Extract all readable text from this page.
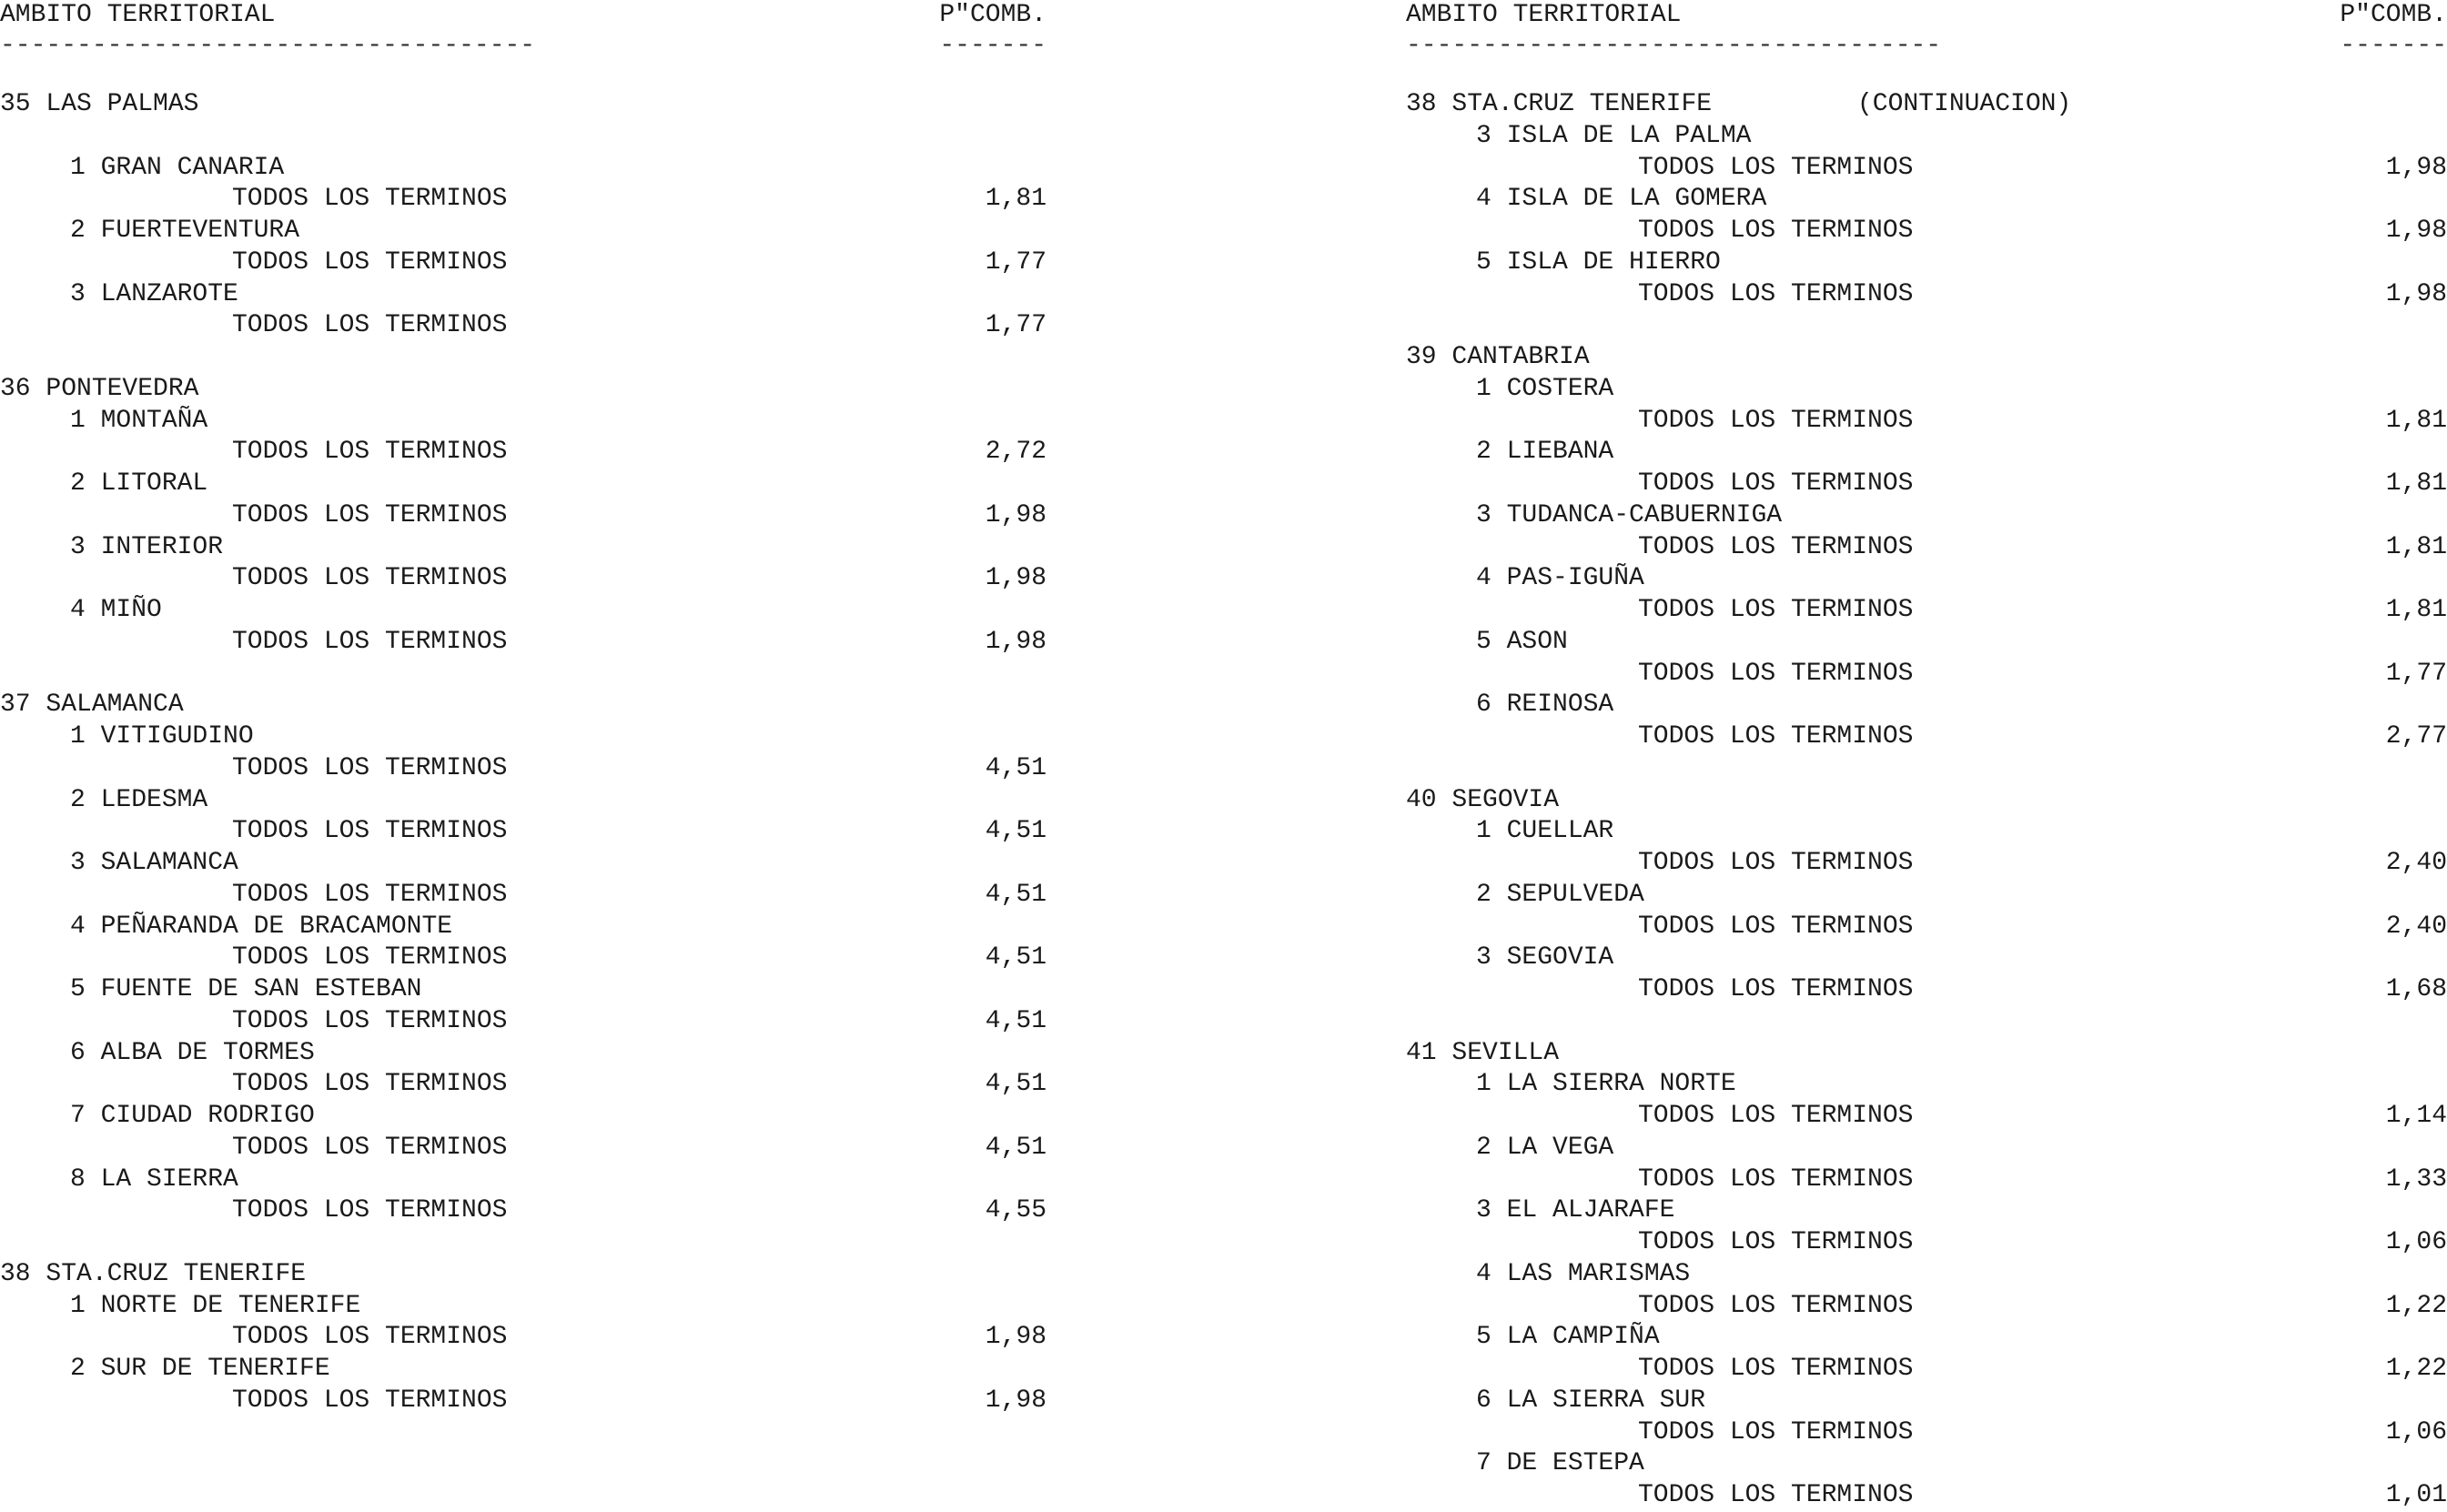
AMBITO TERRITORIAL	P"COMB.
-----------------------------------	-------
35 LAS PALMAS
1 GRAN CANARIA
TODOS LOS TERMINOS	1,81
2 FUERTEVENTURA
TODOS LOS TERMINOS	1,77
3 LANZAROTE
TODOS LOS TERMINOS	1,77
36 PONTEVEDRA
1 MONTAÑA
TODOS LOS TERMINOS	2,72
2 LITORAL
TODOS LOS TERMINOS	1,98
3 INTERIOR
TODOS LOS TERMINOS	1,98
4 MIÑO
TODOS LOS TERMINOS	1,98
37 SALAMANCA
1 VITIGUDINO
TODOS LOS TERMINOS	4,51
2 LEDESMA
TODOS LOS TERMINOS	4,51
3 SALAMANCA
TODOS LOS TERMINOS	4,51
4 PEÑARANDA DE BRACAMONTE
TODOS LOS TERMINOS	4,51
5 FUENTE DE SAN ESTEBAN
TODOS LOS TERMINOS	4,51
6 ALBA DE TORMES
TODOS LOS TERMINOS	4,51
7 CIUDAD RODRIGO
TODOS LOS TERMINOS	4,51
8 LA SIERRA
TODOS LOS TERMINOS	4,55
38 STA.CRUZ TENERIFE
1 NORTE DE TENERIFE
TODOS LOS TERMINOS	1,98
2 SUR DE TENERIFE
TODOS LOS TERMINOS	1,98
AMBITO TERRITORIAL	P"COMB.
-----------------------------------	-------
38 STA.CRUZ TENERIFE	(CONTINUACION)
3 ISLA DE LA PALMA
TODOS LOS TERMINOS	1,98
4 ISLA DE LA GOMERA
TODOS LOS TERMINOS	1,98
5 ISLA DE HIERRO
TODOS LOS TERMINOS	1,98
39 CANTABRIA
1 COSTERA
TODOS LOS TERMINOS	1,81
2 LIEBANA
TODOS LOS TERMINOS	1,81
3 TUDANCA-CABUERNIGA
TODOS LOS TERMINOS	1,81
4 PAS-IGUÑA
TODOS LOS TERMINOS	1,81
5 ASON
TODOS LOS TERMINOS	1,77
6 REINOSA
TODOS LOS TERMINOS	2,77
40 SEGOVIA
1 CUELLAR
TODOS LOS TERMINOS	2,40
2 SEPULVEDA
TODOS LOS TERMINOS	2,40
3 SEGOVIA
TODOS LOS TERMINOS	1,68
41 SEVILLA
1 LA SIERRA NORTE
TODOS LOS TERMINOS	1,14
2 LA VEGA
TODOS LOS TERMINOS	1,33
3 EL ALJARAFE
TODOS LOS TERMINOS	1,06
4 LAS MARISMAS
TODOS LOS TERMINOS	1,22
5 LA CAMPIÑA
TODOS LOS TERMINOS	1,22
6 LA SIERRA SUR
TODOS LOS TERMINOS	1,06
7 DE ESTEPA
TODOS LOS TERMINOS	1,01
